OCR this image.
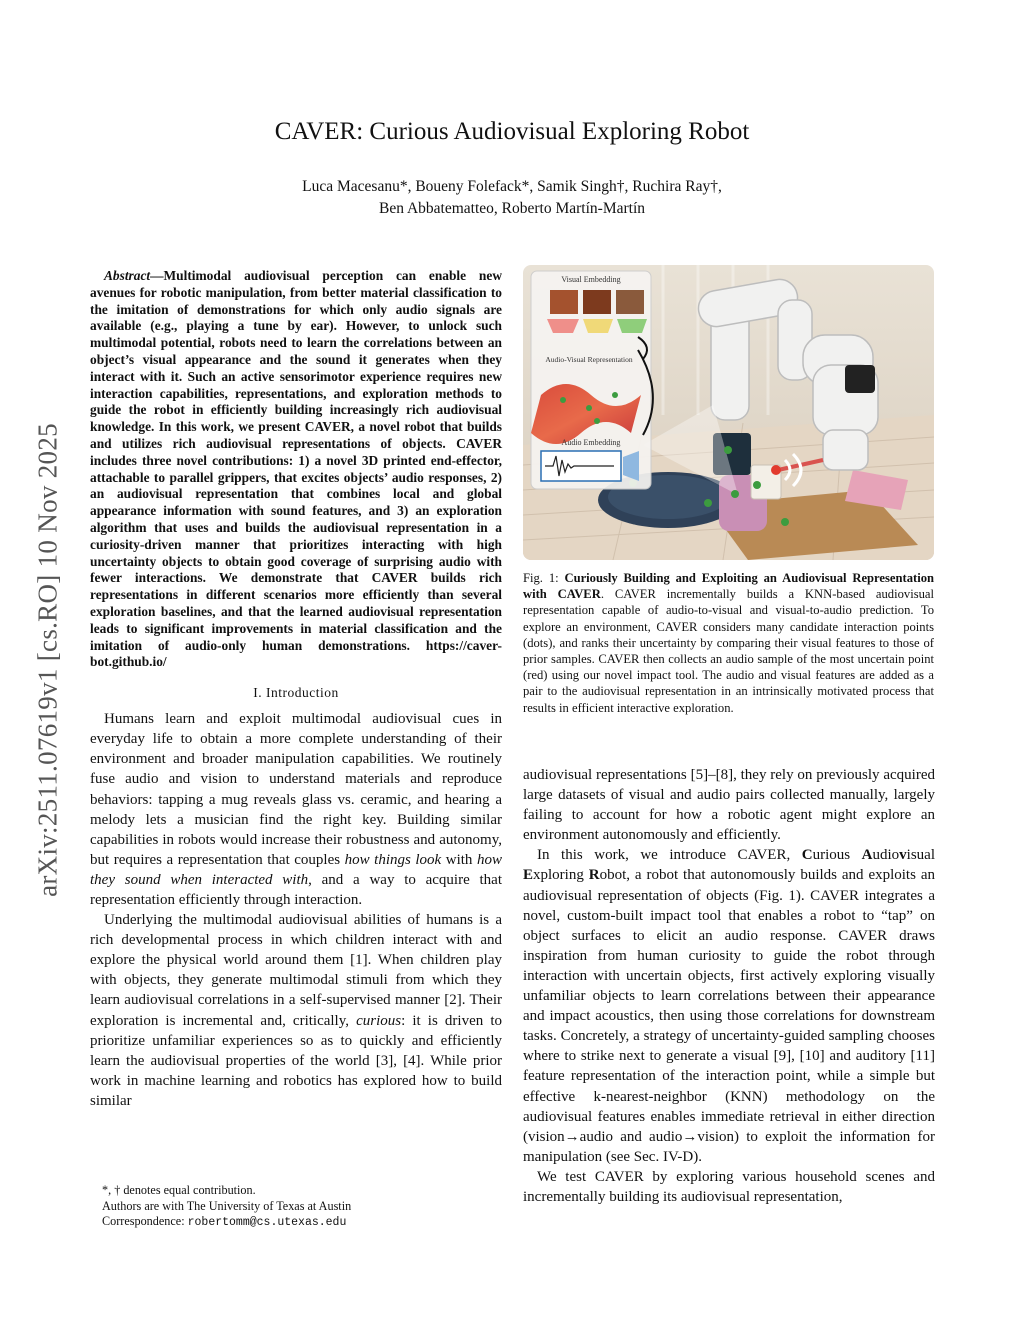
arXiv:2511.07619v1 [cs.RO] 10 Nov 2025
CAVER: Curious Audiovisual Exploring Robot
Luca Macesanu*, Boueny Folefack*, Samik Singh†, Ruchira Ray†,
Ben Abbatematteo, Roberto Martín-Martín

Abstract—Multimodal audiovisual perception can enable new avenues for robotic manipulation, from better material classification to the imitation of demonstrations for which only audio signals are available (e.g., playing a tune by ear). However, to unlock such multimodal potential, robots need to learn the correlations between an object’s visual appearance and the sound it generates when they interact with it. Such an active sensorimotor experience requires new interaction capabilities, representations, and exploration methods to guide the robot in efficiently building increasingly rich audiovisual knowledge. In this work, we present CAVER, a novel robot that builds and utilizes rich audiovisual representations of objects. CAVER includes three novel contributions: 1) a novel 3D printed end-effector, attachable to parallel grippers, that excites objects’ audio responses, 2) an audiovisual representation that combines local and global appearance information with sound features, and 3) an exploration algorithm that uses and builds the audiovisual representation in a curiosity-driven manner that prioritizes interacting with high uncertainty objects to obtain good coverage of surprising audio with fewer interactions. We demonstrate that CAVER builds rich representations in different scenarios more efficiently than several exploration baselines, and that the learned audiovisual representation leads to significant improvements in material classification and the imitation of audio-only human demonstrations. https://caver-bot.github.io/

I. Introduction

Humans learn and exploit multimodal audiovisual cues in everyday life to obtain a more complete understanding of their environment and broader manipulation capabilities. We routinely fuse audio and vision to understand materials and reproduce behaviors: tapping a mug reveals glass vs. ceramic, and hearing a melody lets a musician find the right key. Building similar capabilities in robots would increase their robustness and autonomy, but requires a representation that couples how things look with how they sound when interacted with, and a way to acquire that representation efficiently through interaction.

Underlying the multimodal audiovisual abilities of humans is a rich developmental process in which children interact with and explore the physical world around them [1]. When children play with objects, they generate multimodal stimuli from which they learn audiovisual correlations in a self-supervised manner [2]. Their exploration is incremental and, critically, curious: it is driven to prioritize unfamiliar experiences so as to quickly and efficiently learn the audiovisual properties of the world [3], [4]. While prior work in machine learning and robotics has explored how to build similar

*, † denotes equal contribution.
Authors are with The University of Texas at Austin
Correspondence: robertomm@cs.utexas.edu
Visual Embedding
Audio-Visual Representation
Audio Embedding
Fig. 1: Curiously Building and Exploiting an Audiovisual Representation with CAVER. CAVER incrementally builds a KNN-based audiovisual representation capable of audio-to-visual and visual-to-audio prediction. To explore an environment, CAVER considers many candidate interaction points (dots), and ranks their uncertainty by comparing their visual features to those of prior samples. CAVER then collects an audio sample of the most uncertain point (red) using our novel impact tool. The audio and visual features are added as a pair to the audiovisual representation in an intrinsically motivated process that results in efficient interactive exploration.

audiovisual representations [5]–[8], they rely on previously acquired large datasets of visual and audio pairs collected manually, largely failing to account for how a robotic agent might explore an environment autonomously and efficiently.

In this work, we introduce CAVER, Curious Audiovisual Exploring Robot, a robot that autonomously builds and exploits an audiovisual representation of objects (Fig. 1). CAVER integrates a novel, custom-built impact tool that enables a robot to “tap” on object surfaces to elicit an audio response. CAVER draws inspiration from human curiosity to guide the robot through interaction with uncertain objects, first actively exploring visually unfamiliar objects to learn correlations between their appearance and impact acoustics, then using those correlations for downstream tasks. Concretely, a strategy of uncertainty-guided sampling chooses where to strike next to generate a visual [9], [10] and auditory [11] feature representation of the interaction point, while a simple but effective k-nearest-neighbor (KNN) methodology on the audiovisual features enables immediate retrieval in either direction (vision→audio and audio→vision) to exploit the information for manipulation (see Sec. IV-D).

We test CAVER by exploring various household scenes and incrementally building its audiovisual representation,
